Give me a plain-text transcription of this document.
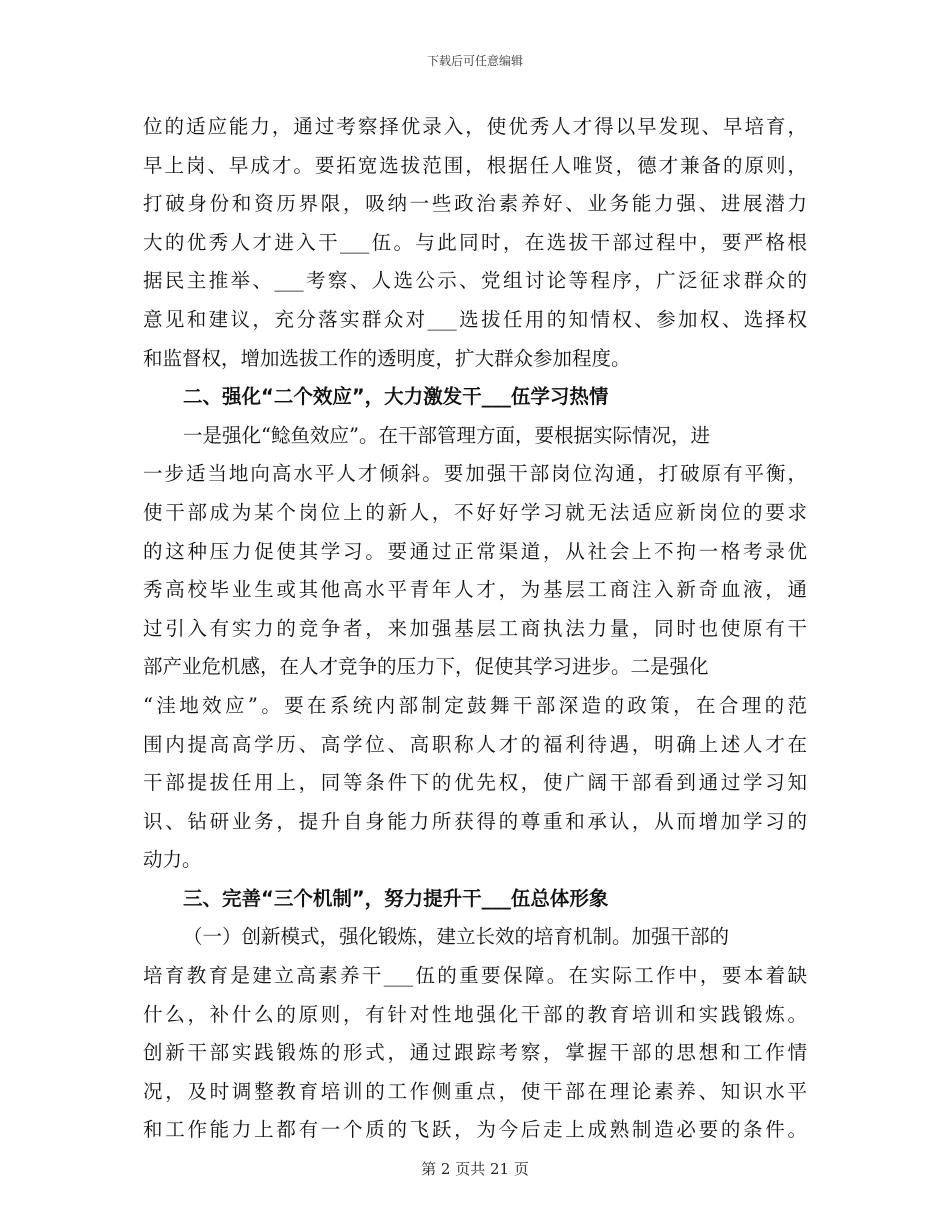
下载后可任意编辑
位的适应能力，通过考察择优录入，使优秀人才得以早发现、早培育，
早上岗、早成才。要拓宽选拔范围，根据任人唯贤，德才兼备的原则，
打破身份和资历界限，吸纳一些政治素养好、业务能力强、进展潜力
大的优秀人才进入干___伍。与此同时，在选拔干部过程中，要严格根
据民主推举、___考察、人选公示、党组讨论等程序，广泛征求群众的
意见和建议，充分落实群众对___选拔任用的知情权、参加权、选择权
和监督权，增加选拔工作的透明度，扩大群众参加程度。
二、强化“二个效应”，大力激发干___伍学习热情
一是强化“鲶鱼效应”。在干部管理方面，要根据实际情况，进
一步适当地向高水平人才倾斜。要加强干部岗位沟通，打破原有平衡，
使干部成为某个岗位上的新人，不好好学习就无法适应新岗位的要求
的这种压力促使其学习。要通过正常渠道，从社会上不拘一格考录优
秀高校毕业生或其他高水平青年人才，为基层工商注入新奇血液，通
过引入有实力的竞争者，来加强基层工商执法力量，同时也使原有干
部产业危机感，在人才竞争的压力下，促使其学习进步。二是强化
“洼地效应”。要在系统内部制定鼓舞干部深造的政策，在合理的范
围内提高高学历、高学位、高职称人才的福利待遇，明确上述人才在
干部提拔任用上，同等条件下的优先权，使广阔干部看到通过学习知
识、钻研业务，提升自身能力所获得的尊重和承认，从而增加学习的
动力。
三、完善“三个机制”，努力提升干___伍总体形象
（一）创新模式，强化锻炼，建立长效的培育机制。加强干部的
培育教育是建立高素养干___伍的重要保障。在实际工作中，要本着缺
什么，补什么的原则，有针对性地强化干部的教育培训和实践锻炼。
创新干部实践锻炼的形式，通过跟踪考察，掌握干部的思想和工作情
况，及时调整教育培训的工作侧重点，使干部在理论素养、知识水平
和工作能力上都有一个质的飞跃，为今后走上成熟制造必要的条件。
第 2 页共 21 页
